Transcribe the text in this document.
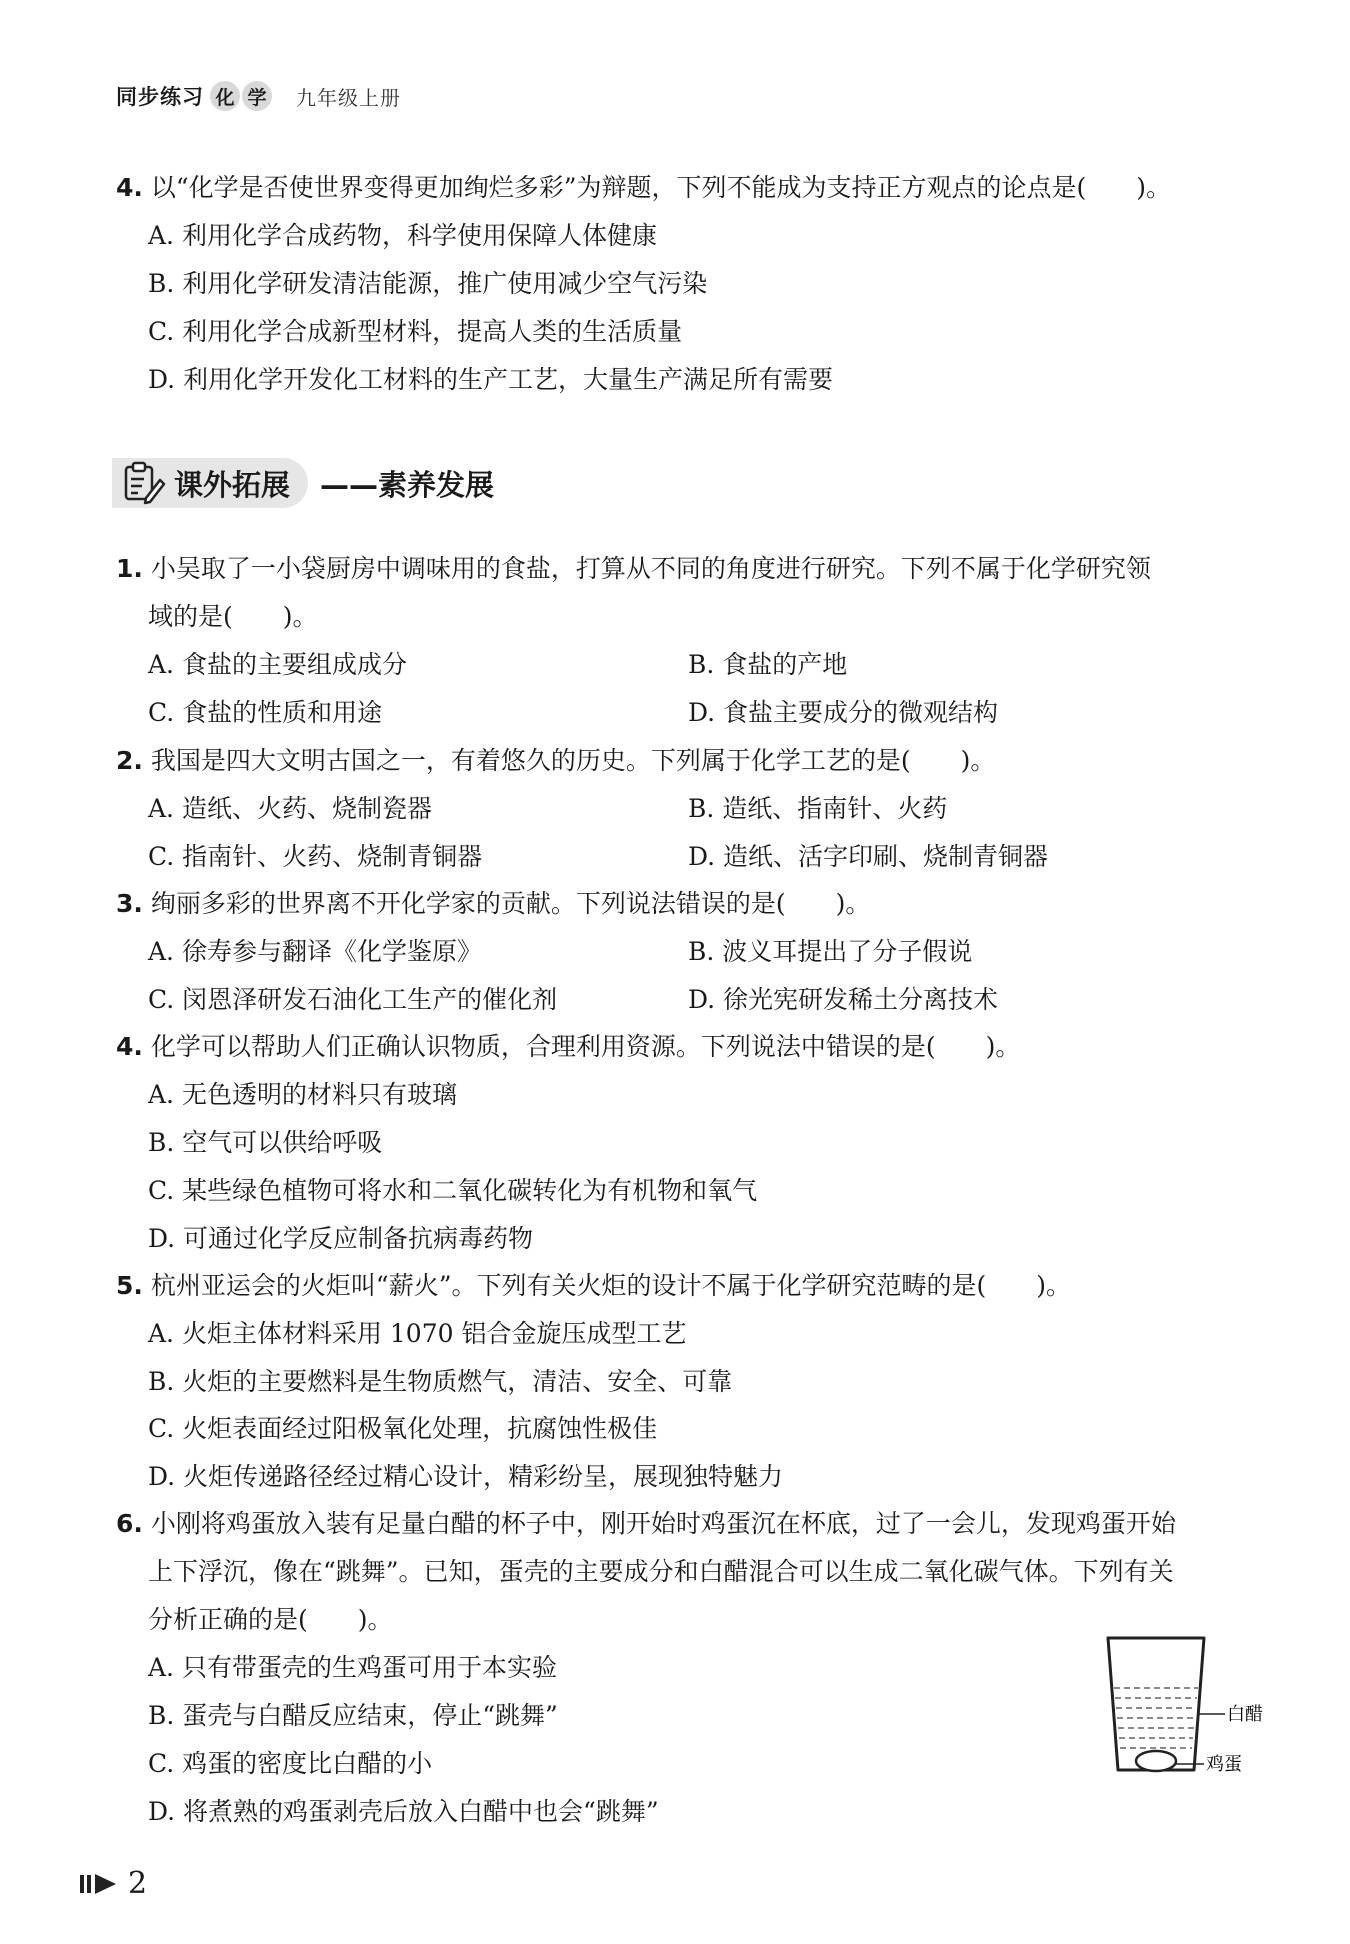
同步练习 化 学 九年级上册
4. 以“化学是否使世界变得更加绚烂多彩”为辩题，下列不能成为支持正方观点的论点是(　　)。
A. 利用化学合成药物，科学使用保障人体健康
B. 利用化学研发清洁能源，推广使用减少空气污染
C. 利用化学合成新型材料，提高人类的生活质量
D. 利用化学开发化工材料的生产工艺，大量生产满足所有需要
课外拓展 ——素养发展
1. 小吴取了一小袋厨房中调味用的食盐，打算从不同的角度进行研究。下列不属于化学研究领
域的是(　　)。
A. 食盐的主要组成成分	B. 食盐的产地
C. 食盐的性质和用途	D. 食盐主要成分的微观结构
2. 我国是四大文明古国之一，有着悠久的历史。下列属于化学工艺的是(　　)。
A. 造纸、火药、烧制瓷器	B. 造纸、指南针、火药
C. 指南针、火药、烧制青铜器	D. 造纸、活字印刷、烧制青铜器
3. 绚丽多彩的世界离不开化学家的贡献。下列说法错误的是(　　)。
A. 徐寿参与翻译《化学鉴原》	B. 波义耳提出了分子假说
C. 闵恩泽研发石油化工生产的催化剂	D. 徐光宪研发稀土分离技术
4. 化学可以帮助人们正确认识物质，合理利用资源。下列说法中错误的是(　　)。
A. 无色透明的材料只有玻璃
B. 空气可以供给呼吸
C. 某些绿色植物可将水和二氧化碳转化为有机物和氧气
D. 可通过化学反应制备抗病毒药物
5. 杭州亚运会的火炬叫“薪火”。下列有关火炬的设计不属于化学研究范畴的是(　　)。
A. 火炬主体材料采用 1070 铝合金旋压成型工艺
B. 火炬的主要燃料是生物质燃气，清洁、安全、可靠
C. 火炬表面经过阳极氧化处理，抗腐蚀性极佳
D. 火炬传递路径经过精心设计，精彩纷呈，展现独特魅力
6. 小刚将鸡蛋放入装有足量白醋的杯子中，刚开始时鸡蛋沉在杯底，过了一会儿，发现鸡蛋开始
上下浮沉，像在“跳舞”。已知，蛋壳的主要成分和白醋混合可以生成二氧化碳气体。下列有关
分析正确的是(　　)。
A. 只有带蛋壳的生鸡蛋可用于本实验
B. 蛋壳与白醋反应结束，停止“跳舞”
C. 鸡蛋的密度比白醋的小
D. 将煮熟的鸡蛋剥壳后放入白醋中也会“跳舞”
白醋
鸡蛋
2
